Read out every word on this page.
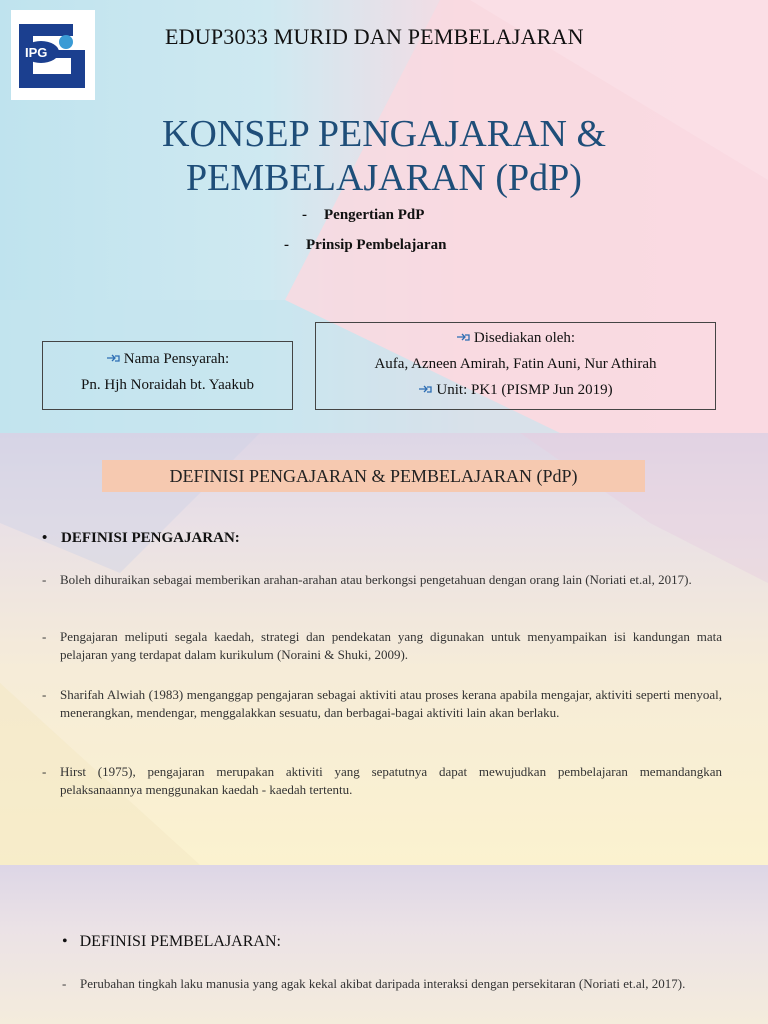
IPG
EDUP3033 MURID DAN PEMBELAJARAN
KONSEP PENGAJARAN &
PEMBELAJARAN (PdP)
- Pengertian PdP
- Prinsip Pembelajaran
Nama Pensyarah:
Pn. Hjh Noraidah bt. Yaakub
Disediakan oleh:
Aufa, Azneen Amirah, Fatin Auni, Nur Athirah
Unit: PK1 (PISMP Jun 2019)
DEFINISI PENGAJARAN & PEMBELAJARAN (PdP)
• DEFINISI PENGAJARAN:
- Boleh dihuraikan sebagai memberikan arahan-arahan atau berkongsi pengetahuan dengan orang lain (Noriati et.al, 2017).
- Pengajaran meliputi segala kaedah, strategi dan pendekatan yang digunakan untuk menyampaikan isi kandungan mata pelajaran yang terdapat dalam kurikulum (Noraini & Shuki, 2009).
- Sharifah Alwiah (1983) menganggap pengajaran sebagai aktiviti atau proses kerana apabila mengajar, aktiviti seperti menyoal, menerangkan, mendengar, menggalakkan sesuatu, dan berbagai-bagai aktiviti lain akan berlaku.
- Hirst (1975), pengajaran merupakan aktiviti yang sepatutnya dapat mewujudkan pembelajaran memandangkan pelaksanaannya menggunakan kaedah - kaedah tertentu.
• DEFINISI PEMBELAJARAN:
- Perubahan tingkah laku manusia yang agak kekal akibat daripada interaksi dengan persekitaran (Noriati et.al, 2017).
